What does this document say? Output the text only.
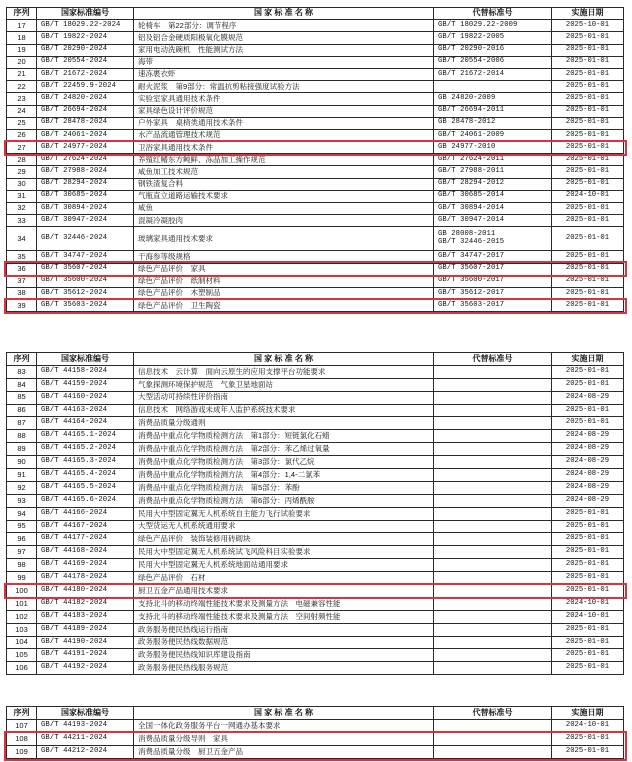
序列	国家标准编号	国 家 标 准 名 称	代替标准号	实施日期
17	GB/T 18029.22-2024	轮椅车　第22部分：调节程序	GB/T 18029.22-2009	2025-10-01
18	GB/T 19822-2024	铝及铝合金硬质阳极氧化膜规范	GB/T 19822-2005	2025-01-01
19	GB/T 20290-2024	家用电动洗碗机　性能测试方法	GB/T 20290-2016	2025-01-01
20	GB/T 20554-2024	海带	GB/T 20554-2006	2025-01-01
21	GB/T 21672-2024	速冻裹衣虾	GB/T 21672-2014	2025-01-01
22	GB/T 22459.9-2024	耐火泥浆　第9部分：常温抗剪粘接强度试验方法		2025-01-01
23	GB/T 24820-2024	实验室家具通用技术条件	GB 24820-2009	2025-01-01
24	GB/T 26694-2024	家具绿色设计评价规范	GB/T 26694-2011	2025-01-01
25	GB/T 28478-2024	户外家具　桌椅类通用技术条件	GB 28478-2012	2025-01-01
26	GB/T 24061-2024	水产品流通管理技术规范	GB/T 24061-2009	2025-01-01
27	GB/T 24977-2024	卫浴家具通用技术条件	GB 24977-2010	2025-01-01
28	GB/T 27624-2024	养殖红鳍东方鲀鲜、冻品加工操作规范	GB/T 27624-2011	2025-01-01
29	GB/T 27988-2024	咸鱼加工技术规范	GB/T 27988-2011	2025-01-01
30	GB/T 28294-2024	钢铁渣复合料	GB/T 28294-2012	2025-01-01
31	GB/T 30685-2024	气瓶直立道路运输技术要求	GB/T 30685-2014	2024-10-01
32	GB/T 30894-2024	咸鱼	GB/T 30894-2014	2025-01-01
33	GB/T 30947-2024	混凝冷凝胶肉	GB/T 30947-2014	2025-01-01
34	GB/T 32446-2024	玻璃家具通用技术要求	GB 28008-2011
GB/T 32446-2015	2025-01-01
35	GB/T 34747-2024	干海参等级规格	GB/T 34747-2017	2025-01-01
36	GB/T 35607-2024	绿色产品评价　家具	GB/T 35607-2017	2025-01-01
37	GB/T 35600-2024	绿色产品评价　纸制材料	GB/T 35600-2017	2025-01-01
38	GB/T 35612-2024	绿色产品评价　木塑制品	GB/T 35612-2017	2025-01-01
39	GB/T 35603-2024	绿色产品评价　卫生陶瓷	GB/T 35603-2017	2025-01-01
序列	国家标准编号	国 家 标 准 名 称	代替标准号	实施日期
83	GB/T 44158-2024	信息技术　云计算　面向云原生的应用支撑平台功能要求		2025-01-01
84	GB/T 44159-2024	气象探测环境保护规范　气象卫星地面站		2025-01-01
85	GB/T 44160-2024	大型活动可持续性评价指南		2024-08-29
86	GB/T 44163-2024	信息技术　网络游戏未成年人监护系统技术要求		2025-01-01
87	GB/T 44164-2024	消费品质量分级通则		2025-01-01
88	GB/T 44165.1-2024	消费品中重点化学物质检测方法　第1部分：短链氯化石蜡		2024-08-29
89	GB/T 44165.2-2024	消费品中重点化学物质检测方法　第2部分：苯乙烯过氧量		2024-08-29
90	GB/T 44165.3-2024	消费品中重点化学物质检测方法　第3部分：氯代乙烷		2024-08-29
91	GB/T 44165.4-2024	消费品中重点化学物质检测方法　第4部分：1,4-二氯苯		2024-08-29
92	GB/T 44165.5-2024	消费品中重点化学物质检测方法　第5部分：苯酚		2024-08-29
93	GB/T 44165.6-2024	消费品中重点化学物质检测方法　第6部分：丙烯酰胺		2024-08-29
94	GB/T 44166-2024	民用大中型固定翼无人机系统自主能力飞行试验要求		2025-01-01
95	GB/T 44167-2024	大型货运无人机系统通用要求		2025-01-01
96	GB/T 44177-2024	绿色产品评价　装饰装修用砖砌块		2025-01-01
97	GB/T 44168-2024	民用大中型固定翼无人机系统试飞风险科目实验要求		2025-01-01
98	GB/T 44169-2024	民用大中型固定翼无人机系统地面站通用要求		2025-01-01
99	GB/T 44178-2024	绿色产品评价　石材		2025-01-01
100	GB/T 44180-2024	厨卫五金产品通用技术要求		2025-01-01
101	GB/T 44182-2024	支持北斗的移动终端性能技术要求及测量方法　电磁兼容性能		2024-10-01
102	GB/T 44183-2024	支持北斗的移动终端性能技术要求及测量方法　空间射频性能		2024-10-01
103	GB/T 44189-2024	政务服务便民热线运行指南		2025-01-01
104	GB/T 44190-2024	政务服务便民热线数据规范		2025-01-01
105	GB/T 44191-2024	政务服务便民热线知识库建设指南		2025-01-01
106	GB/T 44192-2024	政务服务便民热线服务规范		2025-01-01
序列	国家标准编号	国 家 标 准 名 称	代替标准号	实施日期
107	GB/T 44193-2024	全国一体化政务服务平台一网通办基本要求		2024-10-01
108	GB/T 44211-2024	消费品质量分级导则　家具		2025-01-01
109	GB/T 44212-2024	消费品质量分级　厨卫五金产品		2025-01-01
